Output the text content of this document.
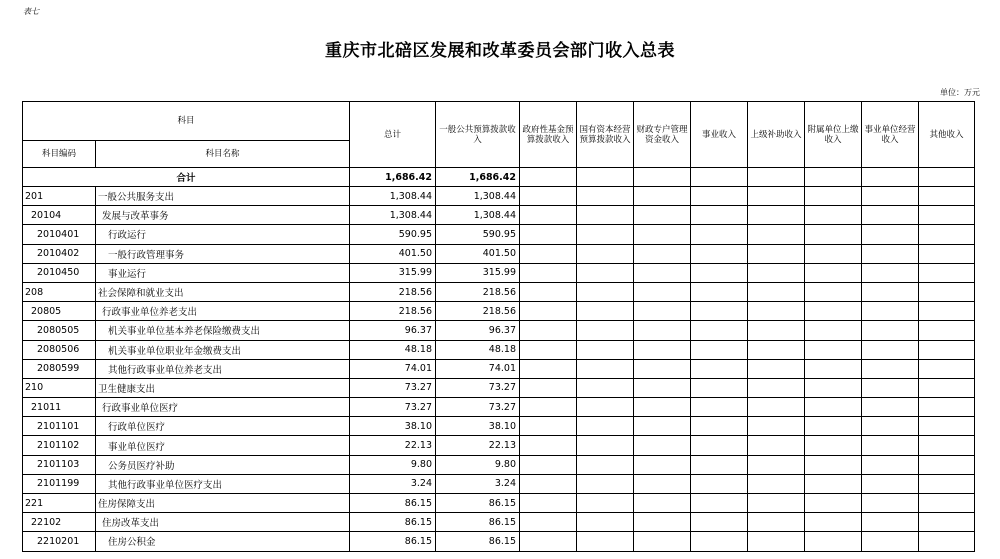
表七
重庆市北碚区发展和改革委员会部门收入总表
单位：万元
科目		总计	一般公共预算拨款收入	政府性基金预算拨款收入	国有资本经营预算拨款收入	财政专户管理资金收入	事业收入	上级补助收入	附属单位上缴收入	事业单位经营收入	其他收入
科目编码	科目名称										
合计		1,686.42	1,686.42								
201	一般公共服务支出	1,308.44	1,308.44								
20104	发展与改革事务	1,308.44	1,308.44								
2010401	行政运行	590.95	590.95								
2010402	一般行政管理事务	401.50	401.50								
2010450	事业运行	315.99	315.99								
208	社会保障和就业支出	218.56	218.56								
20805	行政事业单位养老支出	218.56	218.56								
2080505	机关事业单位基本养老保险缴费支出	96.37	96.37								
2080506	机关事业单位职业年金缴费支出	48.18	48.18								
2080599	其他行政事业单位养老支出	74.01	74.01								
210	卫生健康支出	73.27	73.27								
21011	行政事业单位医疗	73.27	73.27								
2101101	行政单位医疗	38.10	38.10								
2101102	事业单位医疗	22.13	22.13								
2101103	公务员医疗补助	9.80	9.80								
2101199	其他行政事业单位医疗支出	3.24	3.24								
221	住房保障支出	86.15	86.15								
22102	住房改革支出	86.15	86.15								
2210201	住房公积金	86.15	86.15								
